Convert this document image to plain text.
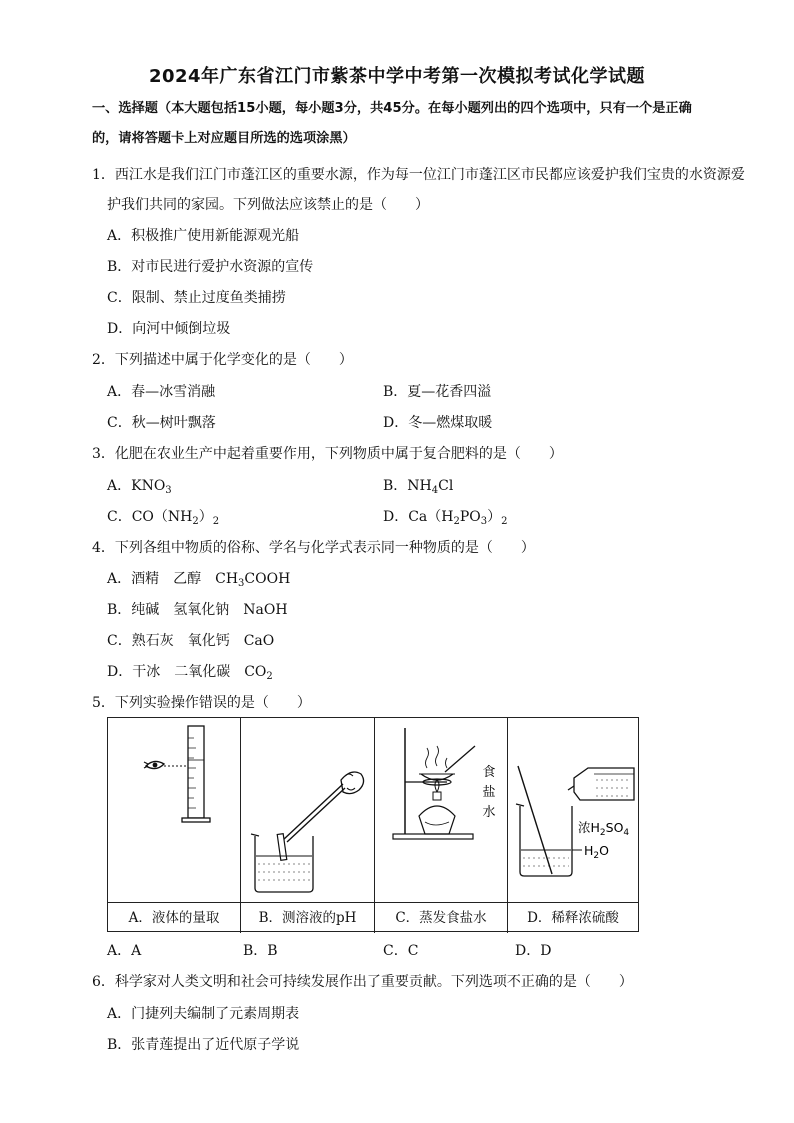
2024年广东省江门市紫茶中学中考第一次模拟考试化学试题
一、选择题（本大题包括15小题，每小题3分，共45分。在每小题列出的四个选项中，只有一个是正确
的，请将答题卡上对应题目所选的选项涂黑）
1．西江水是我们江门市蓬江区的重要水源，作为每一位江门市蓬江区市民都应该爱护我们宝贵的水资源爱
护我们共同的家园。下列做法应该禁止的是（　　）
A．积极推广使用新能源观光船
B．对市民进行爱护水资源的宣传
C．限制、禁止过度鱼类捕捞
D．向河中倾倒垃圾
2．下列描述中属于化学变化的是（　　）
A．春—冰雪消融	B．夏—花香四溢
C．秋—树叶飘落	D．冬—燃煤取暖
3．化肥在农业生产中起着重要作用，下列物质中属于复合肥料的是（　　）
A．$KNO_3$	B．$NH_4Cl$
C．$CO(NH_2)_2$	D．$Ca(H_2PO_3)_2$
4．下列各组中物质的俗称、学名与化学式表示同一种物质的是（　　）
A．酒精　乙醇　$CH_3COOH$
B．纯碱　氢氧化钠　NaOH
C．熟石灰　氧化钙　CaO
D．干冰　二氧化碳　$CO_2$
5．下列实验操作错误的是（　　）
食
盐
水
浓$H_2SO_4$
$H_2O$
A．液体的量取	B．测溶液的pH	C．蒸发食盐水	D．稀释浓硫酸
A．A	B．B	C．C	D．D
6．科学家对人类文明和社会可持续发展作出了重要贡献。下列选项不正确的是（　　）
A．门捷列夫编制了元素周期表
B．张青莲提出了近代原子学说
